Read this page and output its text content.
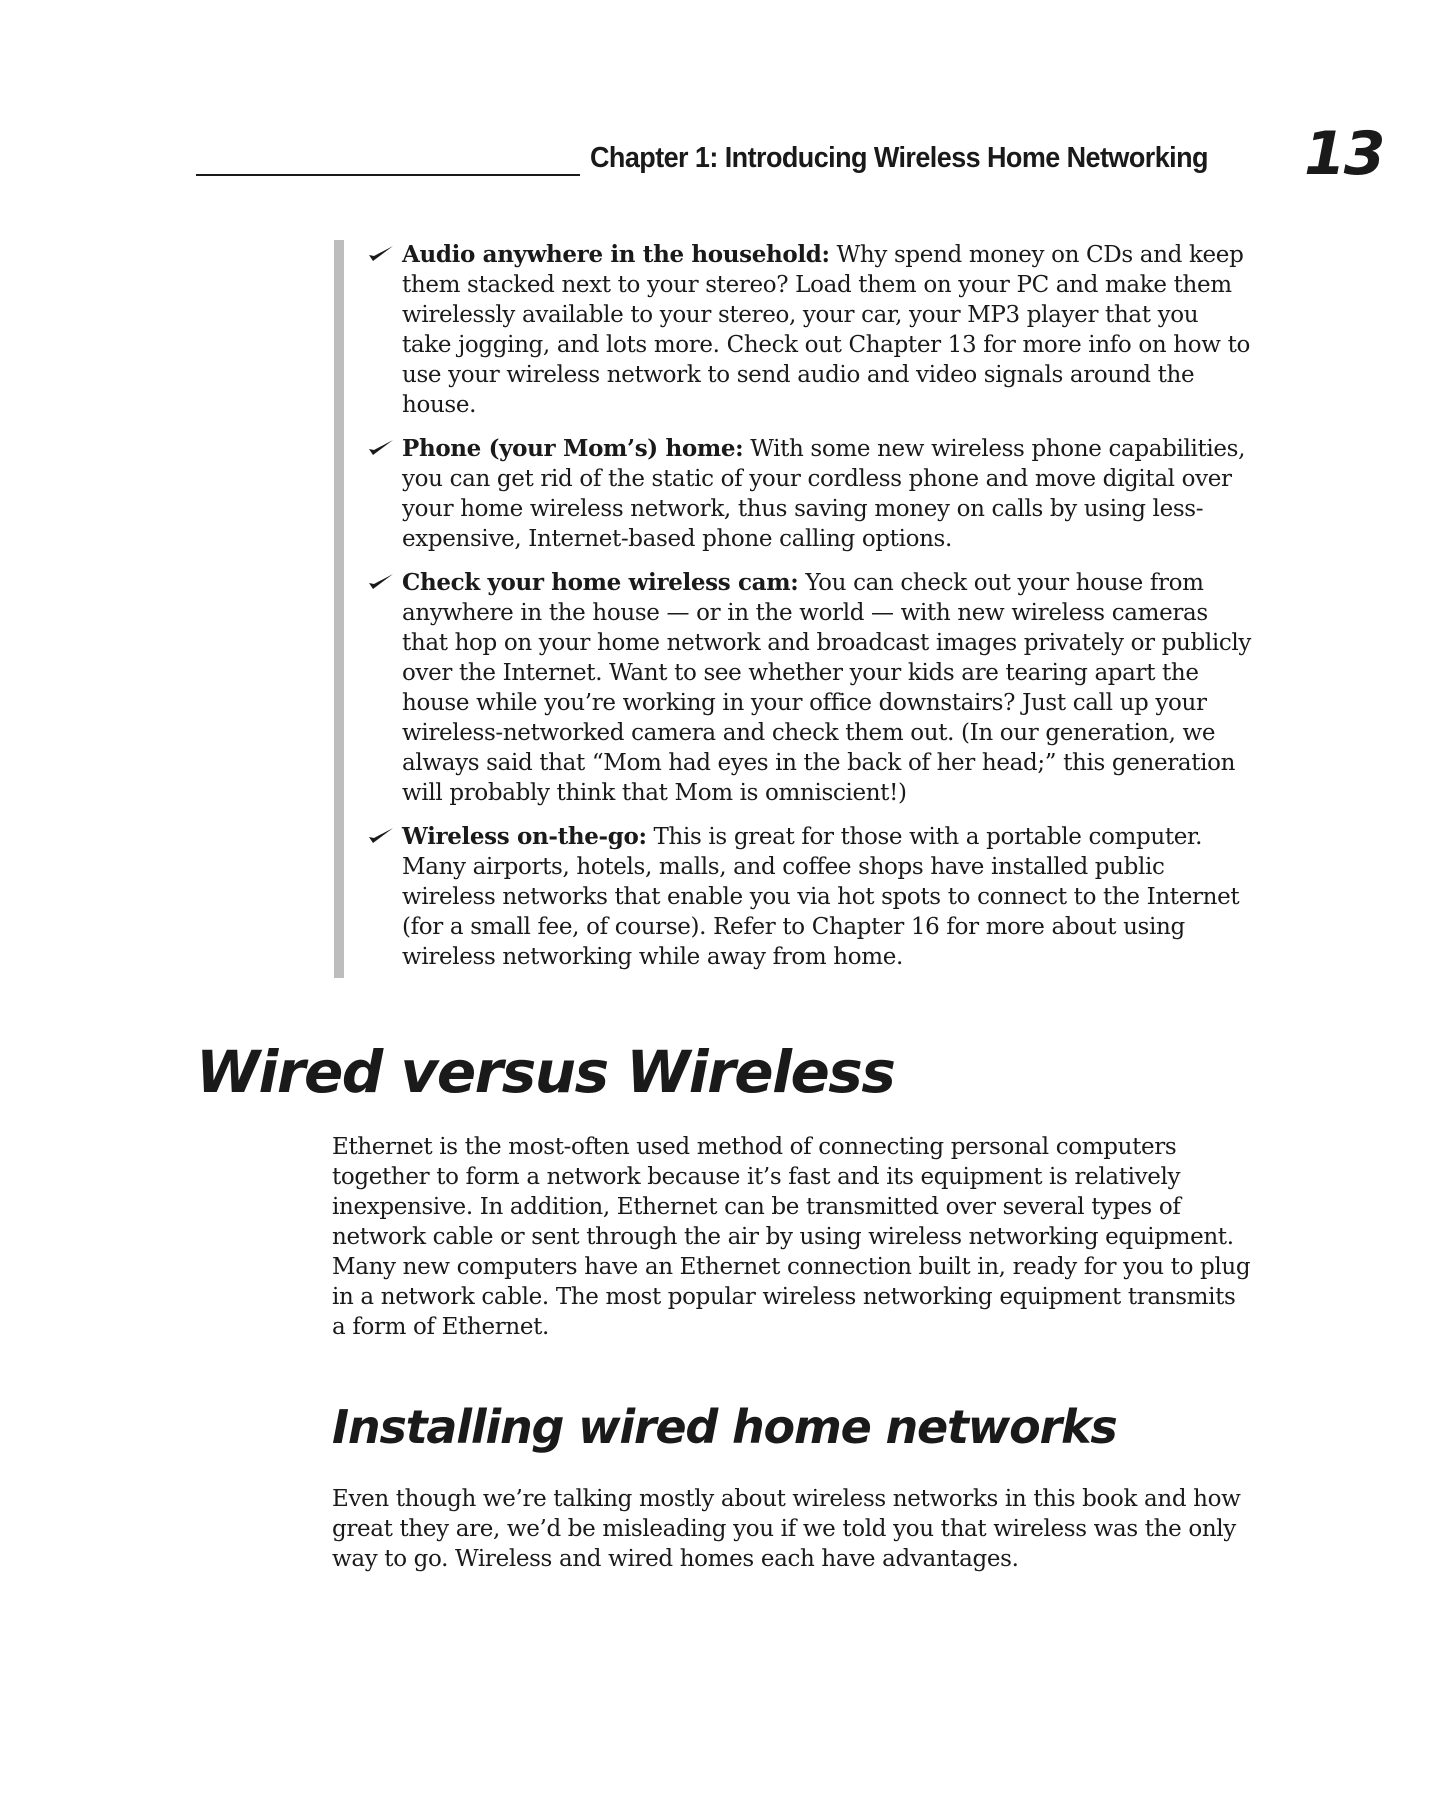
Chapter 1: Introducing Wireless Home Networking 13
Audio anywhere in the household: Why spend money on CDs and keep them stacked next to your stereo? Load them on your PC and make them wirelessly available to your stereo, your car, your MP3 player that you take jogging, and lots more. Check out Chapter 13 for more info on how to use your wireless network to send audio and video signals around the house.
Phone (your Mom’s) home: With some new wireless phone capabilities, you can get rid of the static of your cordless phone and move digital over your home wireless network, thus saving money on calls by using less-expensive, Internet-based phone calling options.
Check your home wireless cam: You can check out your house from anywhere in the house — or in the world — with new wireless cameras that hop on your home network and broadcast images privately or publicly over the Internet. Want to see whether your kids are tearing apart the house while you’re working in your office downstairs? Just call up your wireless-networked camera and check them out. (In our generation, we always said that “Mom had eyes in the back of her head;” this generation will probably think that Mom is omniscient!)
Wireless on-the-go: This is great for those with a portable computer. Many airports, hotels, malls, and coffee shops have installed public wireless networks that enable you via hot spots to connect to the Internet (for a small fee, of course). Refer to Chapter 16 for more about using wireless networking while away from home.
Wired versus Wireless
Ethernet is the most-often used method of connecting personal computers together to form a network because it’s fast and its equipment is relatively inexpensive. In addition, Ethernet can be transmitted over several types of network cable or sent through the air by using wireless networking equipment. Many new computers have an Ethernet connection built in, ready for you to plug in a network cable. The most popular wireless networking equipment transmits a form of Ethernet.
Installing wired home networks
Even though we’re talking mostly about wireless networks in this book and how great they are, we’d be misleading you if we told you that wireless was the only way to go. Wireless and wired homes each have advantages.
